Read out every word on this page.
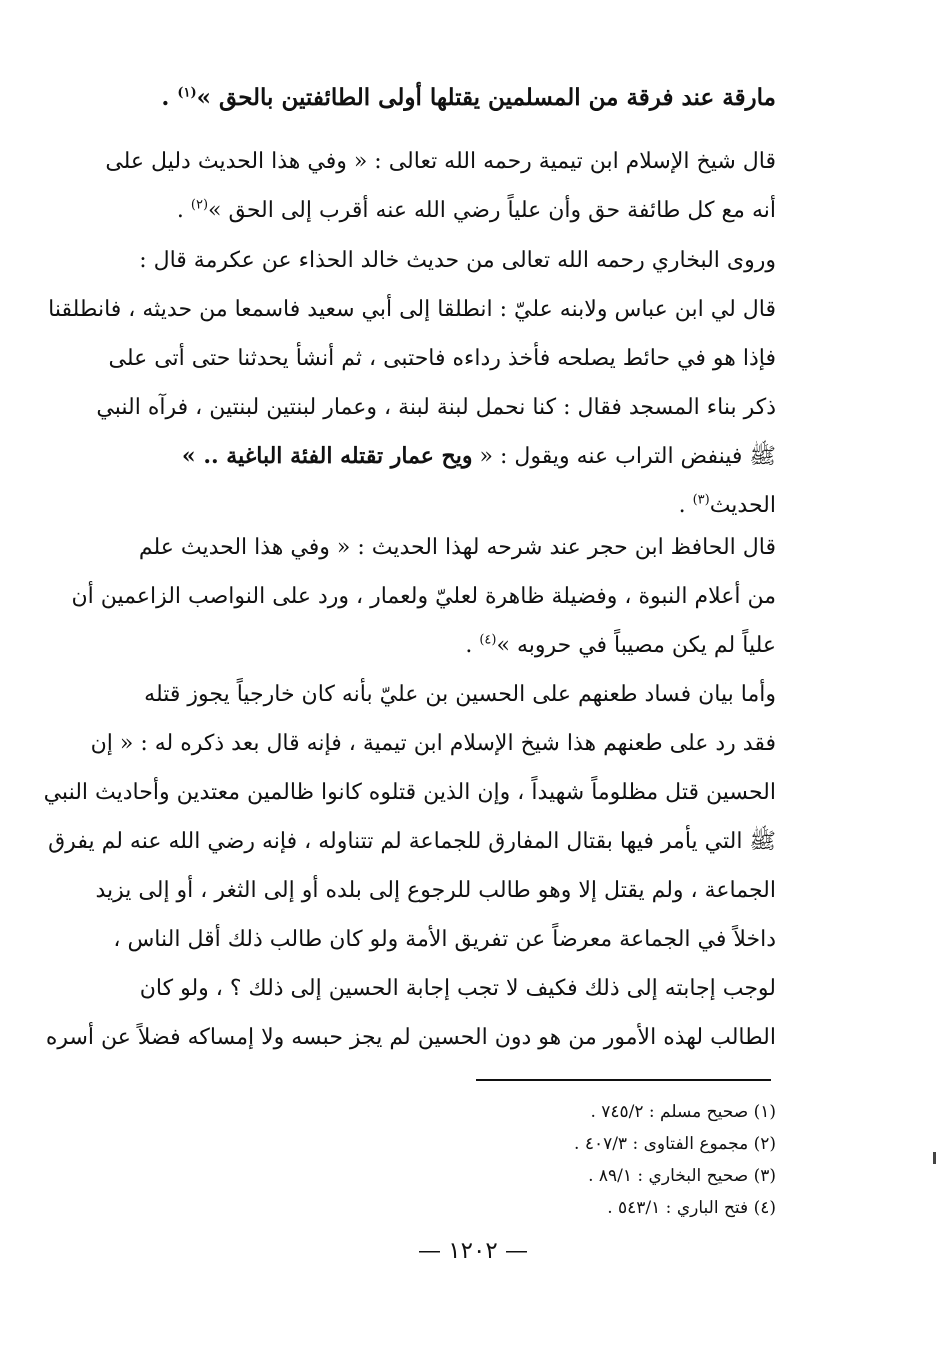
مارقة عند فرقة من المسلمين يقتلها أولى الطائفتين بالحق »$^{(١)}$ .
قال شيخ الإسلام ابن تيمية رحمه الله تعالى : « وفي هذا الحديث دليل على
أنه مع كل طائفة حق وأن علياً رضي الله عنه أقرب إلى الحق »$^{(٢)}$ .
وروى البخاري رحمه الله تعالى من حديث خالد الحذاء عن عكرمة قال :
قال لي ابن عباس ولابنه عليّ : انطلقا إلى أبي سعيد فاسمعا من حديثه ، فانطلقنا
فإذا هو في حائط يصلحه فأخذ رداءه فاحتبى ، ثم أنشأ يحدثنا حتى أتى على
ذكر بناء المسجد فقال : كنا نحمل لبنة لبنة ، وعمار لبنتين لبنتين ، فرآه النبي
ﷺ فينفض التراب عنه ويقول : « ويح عمار تقتله الفئة الباغية .. »
الحديث$^{(٣)}$ .
قال الحافظ ابن حجر عند شرحه لهذا الحديث : « وفي هذا الحديث علم
من أعلام النبوة ، وفضيلة ظاهرة لعليّ ولعمار ، ورد على النواصب الزاعمين أن
علياً لم يكن مصيباً في حروبه »$^{(٤)}$ .
وأما بيان فساد طعنهم على الحسين بن عليّ بأنه كان خارجياً يجوز قتله
فقد رد على طعنهم هذا شيخ الإسلام ابن تيمية ، فإنه قال بعد ذكره له : « إن
الحسين قتل مظلوماً شهيداً ، وإن الذين قتلوه كانوا ظالمين معتدين وأحاديث النبي
ﷺ التي يأمر فيها بقتال المفارق للجماعة لم تتناوله ، فإنه رضي الله عنه لم يفرق
الجماعة ، ولم يقتل إلا وهو طالب للرجوع إلى بلده أو إلى الثغر ، أو إلى يزيد
داخلاً في الجماعة معرضاً عن تفريق الأمة ولو كان طالب ذلك أقل الناس ،
لوجب إجابته إلى ذلك فكيف لا تجب إجابة الحسين إلى ذلك ؟ ، ولو كان
الطالب لهذه الأمور من هو دون الحسين لم يجز حبسه ولا إمساكه فضلاً عن أسره
(١) صحيح مسلم : ٧٤٥/٢ .
(٢) مجموع الفتاوى : ٤٠٧/٣ .
(٣) صحيح البخاري : ٨٩/١ .
(٤) فتح الباري : ٥٤٣/١ .
— ١٢٠٢ —
